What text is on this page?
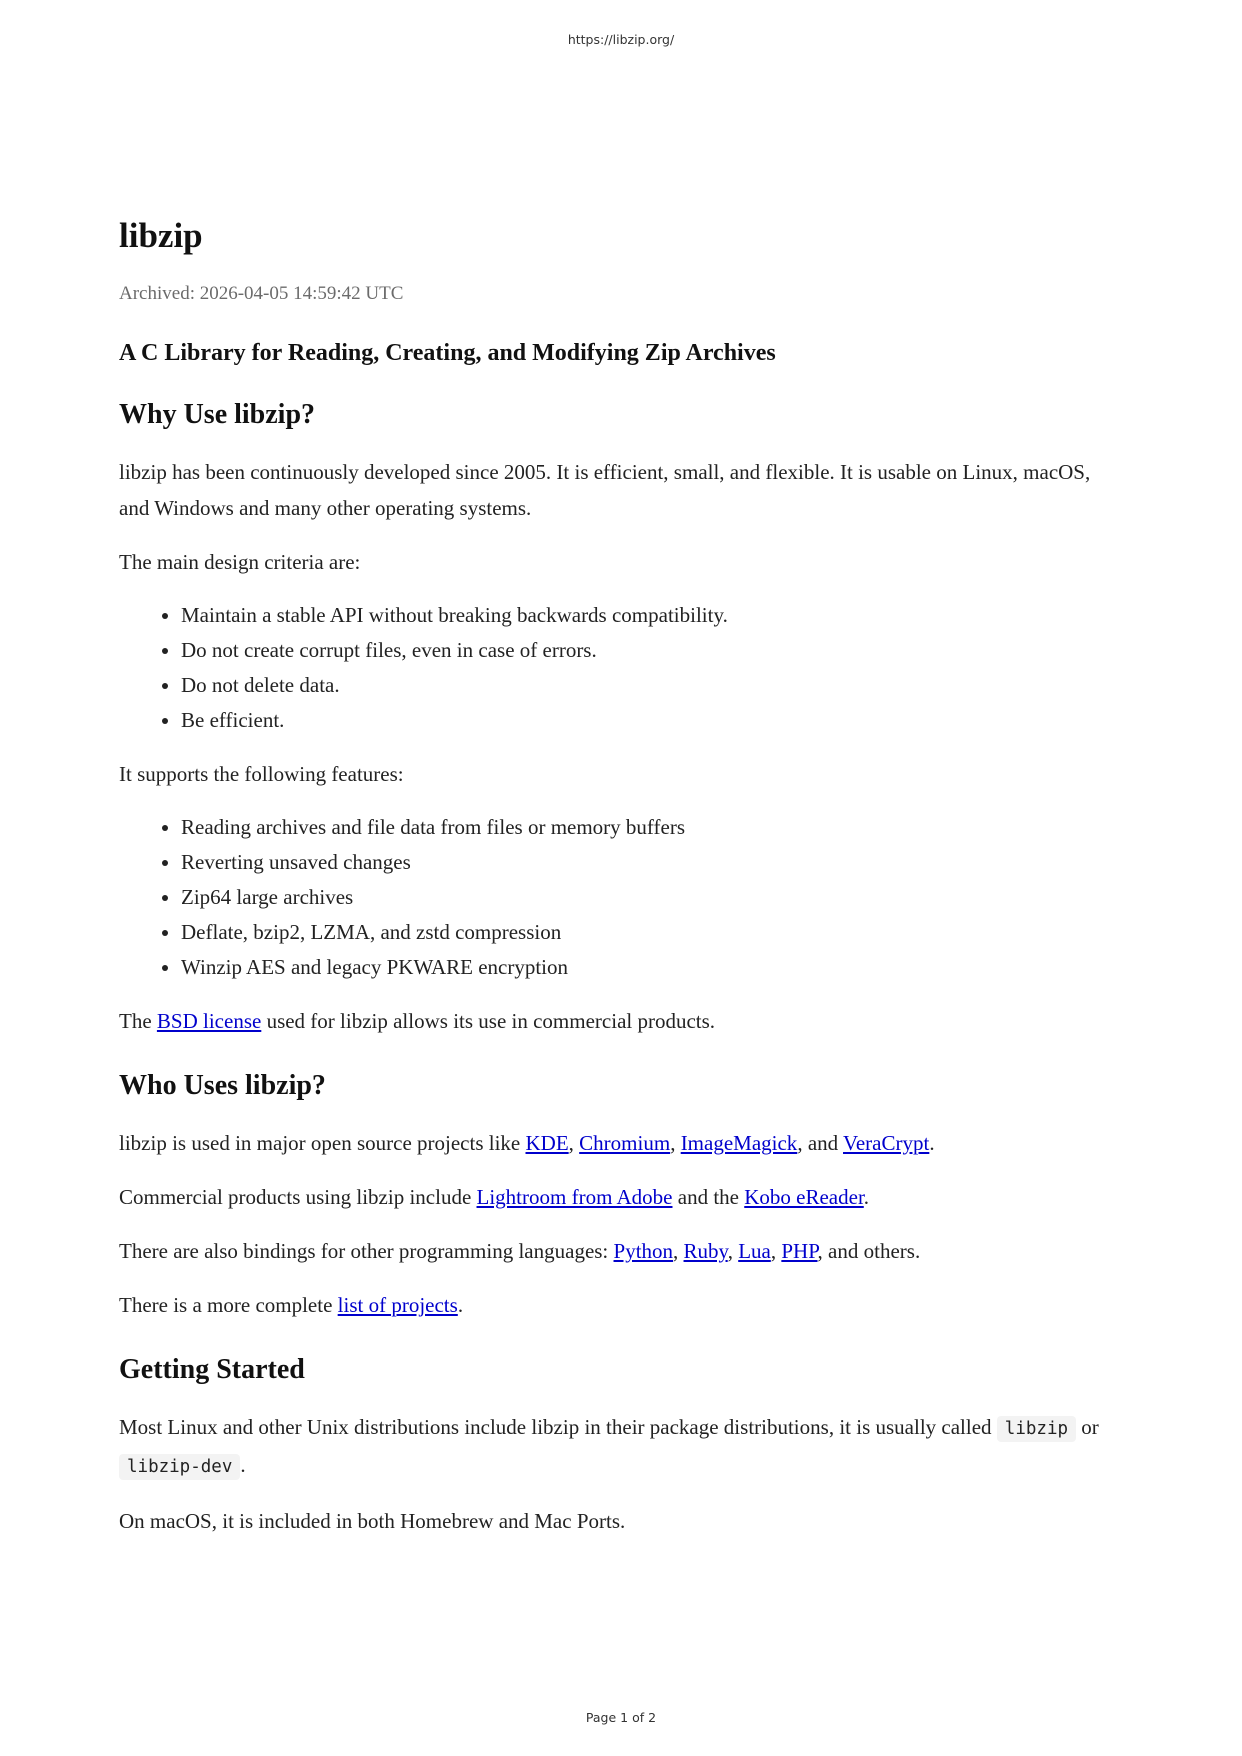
https://libzip.org/
libzip
Archived: 2026-04-05 14:59:42 UTC
A C Library for Reading, Creating, and Modifying Zip Archives
Why Use libzip?

libzip has been continuously developed since 2005. It is efficient, small, and flexible. It is usable on Linux, macOS, and Windows and many other operating systems.

The main design criteria are:

• Maintain a stable API without breaking backwards compatibility.
• Do not create corrupt files, even in case of errors.
• Do not delete data.
• Be efficient.

It supports the following features:

• Reading archives and file data from files or memory buffers
• Reverting unsaved changes
• Zip64 large archives
• Deflate, bzip2, LZMA, and zstd compression
• Winzip AES and legacy PKWARE encryption

The BSD license used for libzip allows its use in commercial products.

Who Uses libzip?

libzip is used in major open source projects like KDE, Chromium, ImageMagick, and VeraCrypt.

Commercial products using libzip include Lightroom from Adobe and the Kobo eReader.

There are also bindings for other programming languages: Python, Ruby, Lua, PHP, and others.

There is a more complete list of projects.

Getting Started

Most Linux and other Unix distributions include libzip in their package distributions, it is usually called libzip or libzip-dev .

On macOS, it is included in both Homebrew and Mac Ports.

Page 1 of 2
